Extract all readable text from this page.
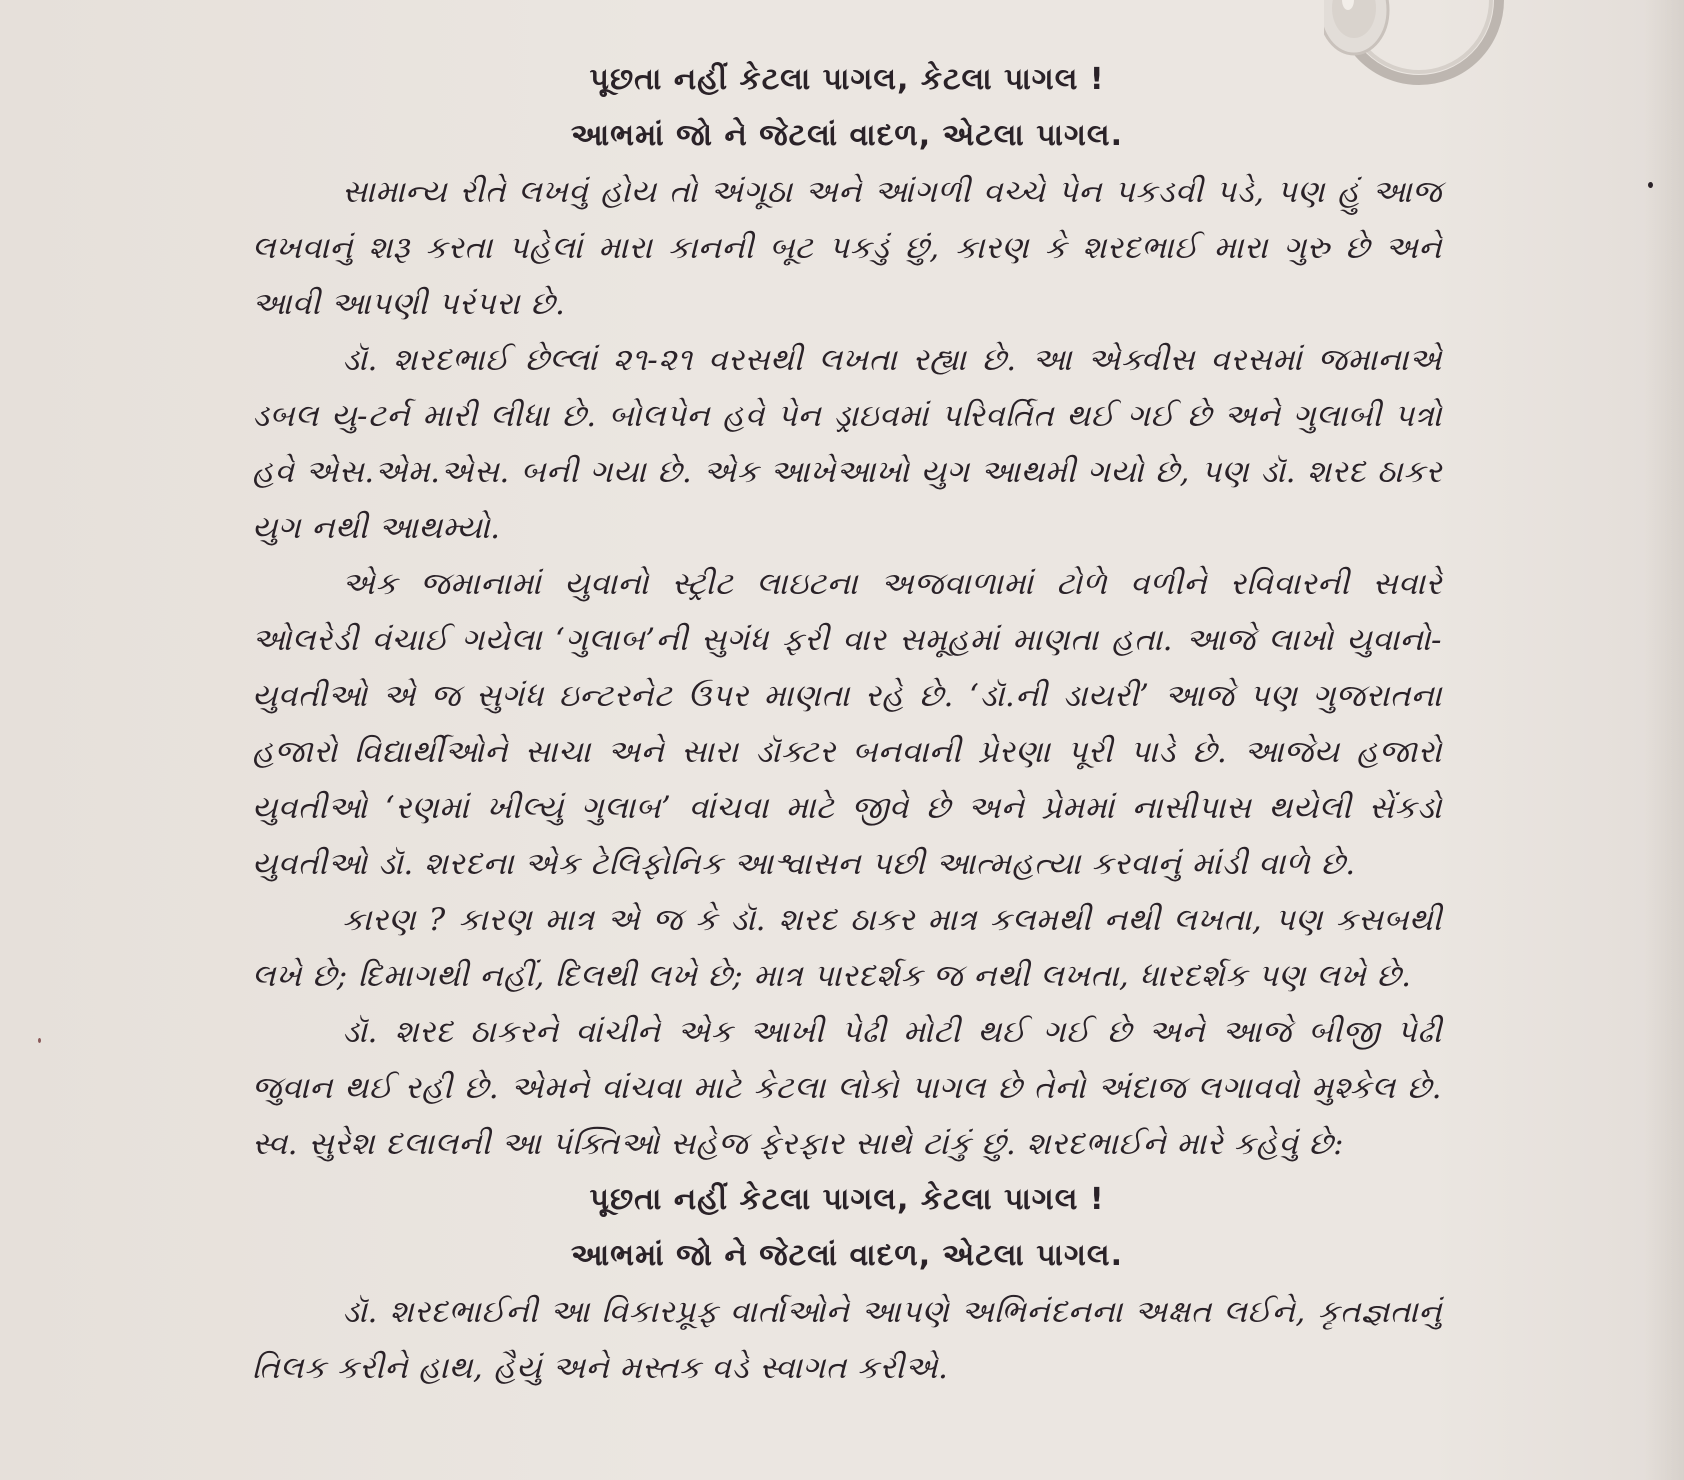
પૂછતા નહીં કેટલા પાગલ, કેટલા પાગલ !
આભમાં જો ને જેટલાં વાદળ, એટલા પાગલ.

સામાન્ય રીતે લખવું હોય તો અંગૂઠા અને આંગળી વચ્ચે પેન પકડવી પડે, પણ હું આજ લખવાનું શરૂ કરતા પહેલાં મારા કાનની બૂટ પકડું છું, કારણ કે શરદભાઈ મારા ગુરુ છે અને આવી આપણી પરંપરા છે.

ડૉ. શરદભાઈ છેલ્લાં ૨૧-૨૧ વરસથી લખતા રહ્યા છે. આ એક્વીસ વરસમાં જમાનાએ ડબલ યુ-ટર્ન મારી લીધા છે. બોલપેન હવે પેન ડ્રાઇવમાં પરિવર્તિત થઈ ગઈ છે અને ગુલાબી પત્રો હવે એસ.એમ.એસ. બની ગયા છે. એક આખેઆખો યુગ આથમી ગયો છે, પણ ડૉ. શરદ ઠાકર યુગ નથી આથમ્યો.

એક જમાનામાં યુવાનો સ્ટ્રીટ લાઇટના અજવાળામાં ટોળે વળીને રવિવારની સવારે ઓલરેડી વંચાઈ ગયેલા ‘ગુલાબ’ની સુગંધ ફરી વાર સમૂહમાં માણતા હતા. આજે લાખો યુવાનો-યુવતીઓ એ જ સુગંધ ઇન્ટરનેટ ઉપર માણતા રહે છે. ‘ડૉ.ની ડાયરી’ આજે પણ ગુજરાતના હજારો વિદ્યાર્થીઓને સાચા અને સારા ડૉક્ટર બનવાની પ્રેરણા પૂરી પાડે છે. આજેય હજારો યુવતીઓ ‘રણમાં ખીલ્યું ગુલાબ’ વાંચવા માટે જીવે છે અને પ્રેમમાં નાસીપાસ થયેલી સેંકડો યુવતીઓ ડૉ. શરદના એક ટેલિફોનિક આશ્વાસન પછી આત્મહત્યા કરવાનું માંડી વાળે છે.

કારણ ? કારણ માત્ર એ જ કે ડૉ. શરદ ઠાકર માત્ર કલમથી નથી લખતા, પણ કસબથી લખે છે; દિમાગથી નહીં, દિલથી લખે છે; માત્ર પારદર્શક જ નથી લખતા, ધારદર્શક પણ લખે છે.

ડૉ. શરદ ઠાકરને વાંચીને એક આખી પેઢી મોટી થઈ ગઈ છે અને આજે બીજી પેઢી જુવાન થઈ રહી છે. એમને વાંચવા માટે કેટલા લોકો પાગલ છે તેનો અંદાજ લગાવવો મુશ્કેલ છે. સ્વ. સુરેશ દલાલની આ પંક્તિઓ સહેજ ફેરફાર સાથે ટાંકું છું. શરદભાઈને મારે કહેવું છે:

પૂછતા નહીં કેટલા પાગલ, કેટલા પાગલ !
આભમાં જો ને જેટલાં વાદળ, એટલા પાગલ.

ડૉ. શરદભાઈની આ વિકારપ્રૂફ વાર્તાઓને આપણે અભિનંદનના અક્ષત લઈને, કૃતજ્ઞતાનું તિલક કરીને હાથ, હૈયું અને મસ્તક વડે સ્વાગત કરીએ.
